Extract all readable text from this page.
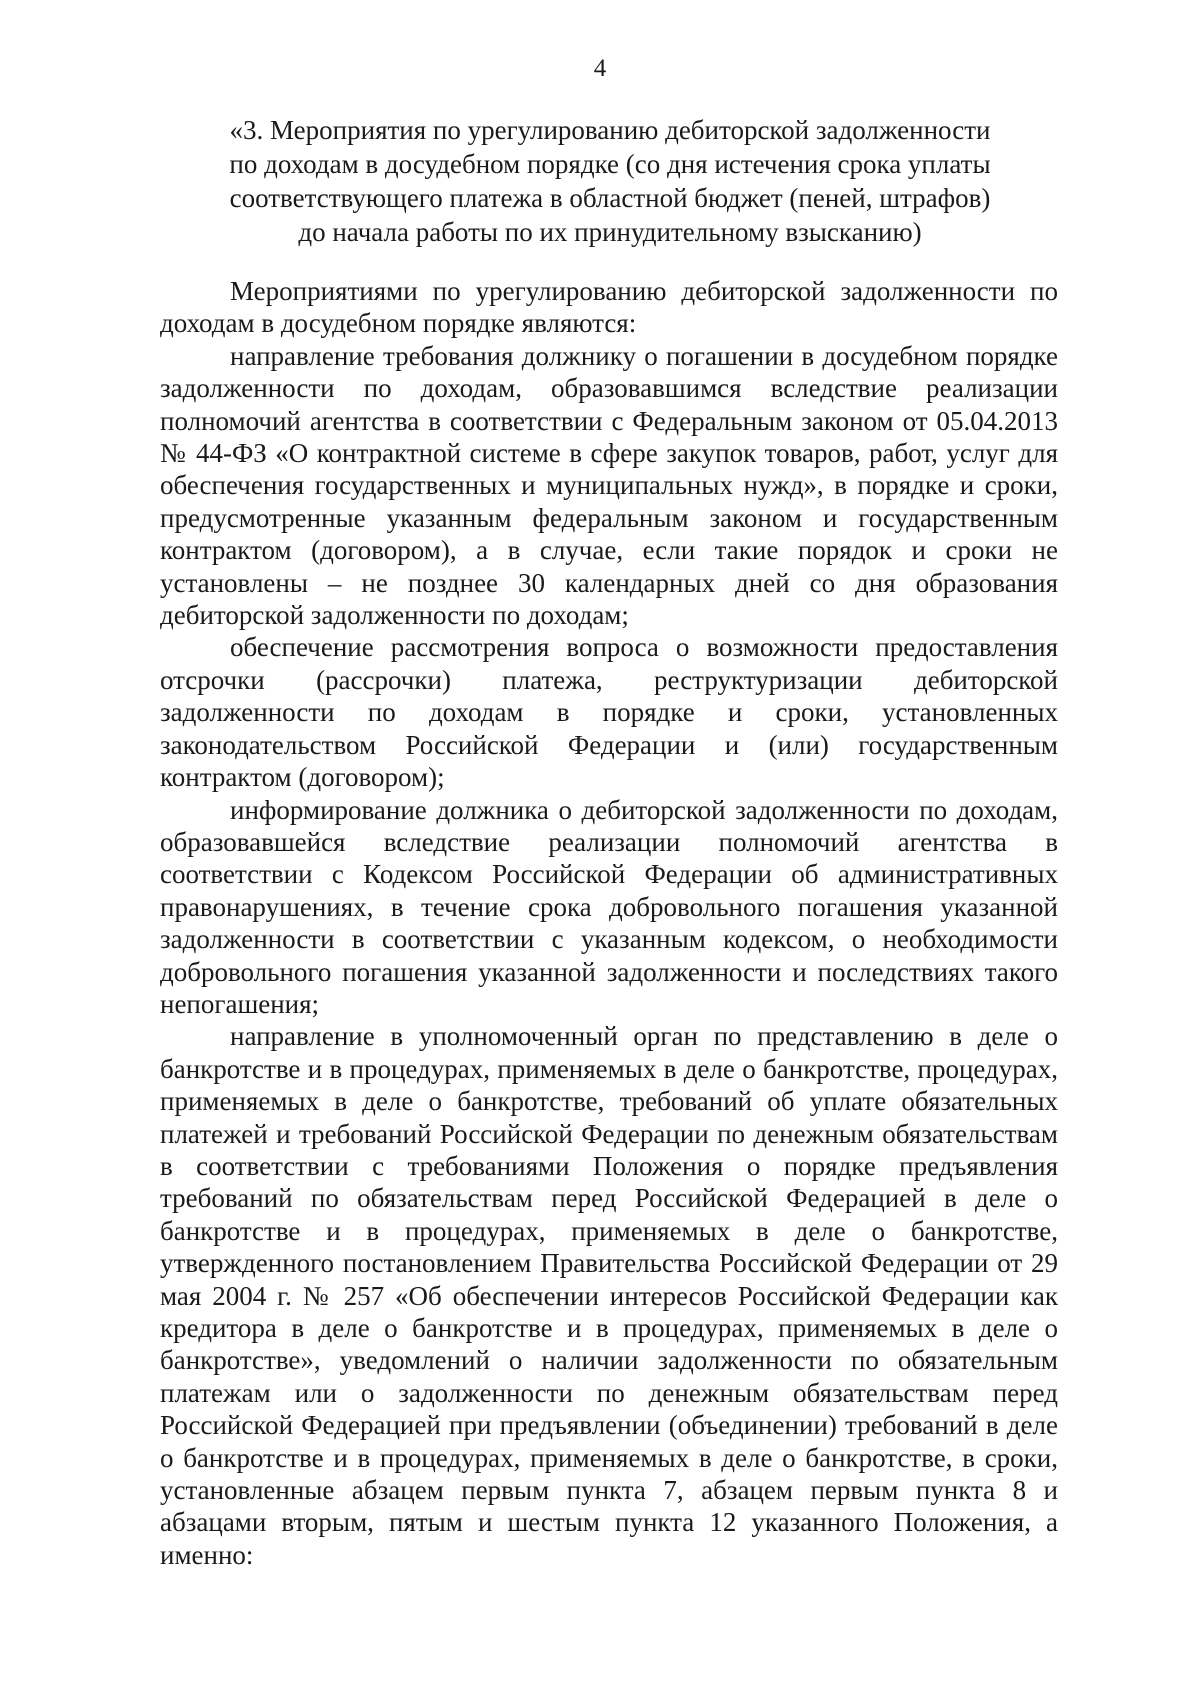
4
«3. Мероприятия по урегулированию дебиторской задолженности
по доходам в досудебном порядке (со дня истечения срока уплаты
соответствующего платежа в областной бюджет (пеней, штрафов)
до начала работы по их принудительному взысканию)

Мероприятиями по урегулированию дебиторской задолженности по доходам в досудебном порядке являются:

направление требования должнику о погашении в досудебном порядке задолженности по доходам, образовавшимся вследствие реализации полномочий агентства в соответствии с Федеральным законом от 05.04.2013 № 44-ФЗ «О контрактной системе в сфере закупок товаров, работ, услуг для обеспечения государственных и муниципальных нужд», в порядке и сроки, предусмотренные указанным федеральным законом и государственным контрактом (договором), а в случае, если такие порядок и сроки не установлены – не позднее 30 календарных дней со дня образования дебиторской задолженности по доходам;

обеспечение рассмотрения вопроса о возможности предоставления отсрочки (рассрочки) платежа, реструктуризации дебиторской задолженности по доходам в порядке и сроки, установленных законодательством Российской Федерации и (или) государственным контрактом (договором);

информирование должника о дебиторской задолженности по доходам, образовавшейся вследствие реализации полномочий агентства в соответствии с Кодексом Российской Федерации об административных правонарушениях, в течение срока добровольного погашения указанной задолженности в соответствии с указанным кодексом, о необходимости добровольного погашения указанной задолженности и последствиях такого непогашения;

направление в уполномоченный орган по представлению в деле о банкротстве и в процедурах, применяемых в деле о банкротстве, процедурах, применяемых в деле о банкротстве, требований об уплате обязательных платежей и требований Российской Федерации по денежным обязательствам в соответствии с требованиями Положения о порядке предъявления требований по обязательствам перед Российской Федерацией в деле о банкротстве и в процедурах, применяемых в деле о банкротстве, утвержденного постановлением Правительства Российской Федерации от 29 мая 2004 г. № 257 «Об обеспечении интересов Российской Федерации как кредитора в деле о банкротстве и в процедурах, применяемых в деле о банкротстве», уведомлений о наличии задолженности по обязательным платежам или о задолженности по денежным обязательствам перед Российской Федерацией при предъявлении (объединении) требований в деле о банкротстве и в процедурах, применяемых в деле о банкротстве, в сроки, установленные абзацем первым пункта 7, абзацем первым пункта 8 и абзацами вторым, пятым и шестым пункта 12 указанного Положения, а именно:
